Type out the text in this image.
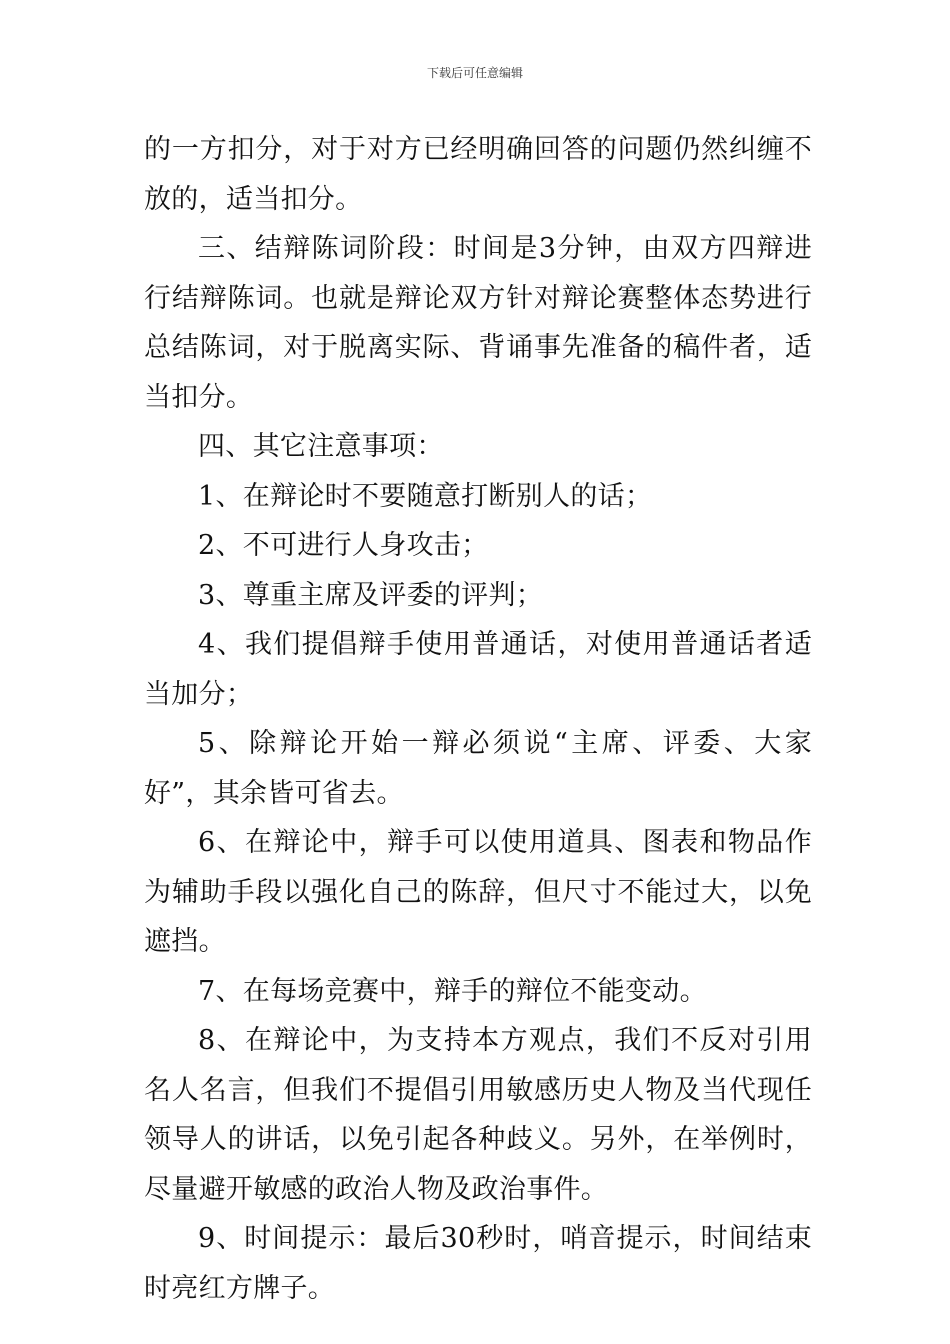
下载后可任意编辑

的一方扣分，对于对方已经明确回答的问题仍然纠缠不放的，适当扣分。

三、结辩陈词阶段：时间是3分钟，由双方四辩进行结辩陈词。也就是辩论双方针对辩论赛整体态势进行总结陈词，对于脱离实际、背诵事先准备的稿件者，适当扣分。

四、其它注意事项：

1、在辩论时不要随意打断别人的话；

2、不可进行人身攻击；

3、尊重主席及评委的评判；

4、我们提倡辩手使用普通话，对使用普通话者适当加分；

5、除辩论开始一辩必须说“主席、评委、大家好”，其余皆可省去。

6、在辩论中，辩手可以使用道具、图表和物品作为辅助手段以强化自己的陈辞，但尺寸不能过大，以免遮挡。

7、在每场竞赛中，辩手的辩位不能变动。

8、在辩论中，为支持本方观点，我们不反对引用名人名言，但我们不提倡引用敏感历史人物及当代现任领导人的讲话，以免引起各种歧义。另外，在举例时，尽量避开敏感的政治人物及政治事件。

9、时间提示：最后30秒时，哨音提示，时间结束时亮红方牌子。
